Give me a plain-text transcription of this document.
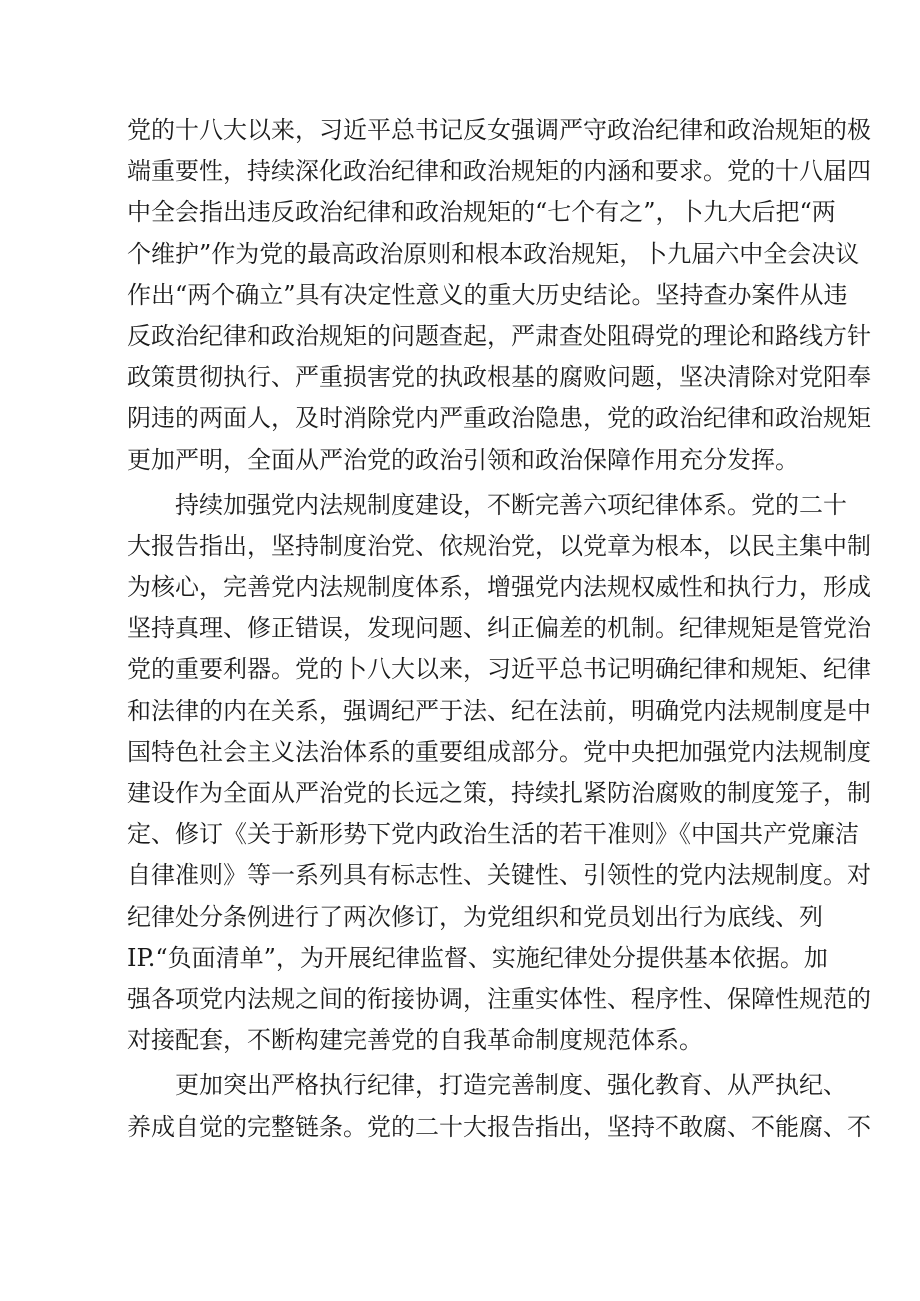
党的十八大以来，习近平总书记反女强调严守政治纪律和政治规矩的极
端重要性，持续深化政治纪律和政治规矩的内涵和要求。党的十八届四
中全会指出违反政治纪律和政治规矩的“七个有之”，卜九大后把“两
个维护”作为党的最高政治原则和根本政治规矩，卜九届六中全会决议
作出“两个确立”具有决定性意义的重大历史结论。坚持查办案件从违
反政治纪律和政治规矩的问题查起，严肃查处阻碍党的理论和路线方针
政策贯彻执行、严重损害党的执政根基的腐败问题，坚决清除对党阳奉
阴违的两面人，及时消除党内严重政治隐患，党的政治纪律和政治规矩
更加严明，全面从严治党的政治引领和政治保障作用充分发挥。
持续加强党内法规制度建设，不断完善六项纪律体系。党的二十
大报告指出，坚持制度治党、依规治党，以党章为根本，以民主集中制
为核心，完善党内法规制度体系，增强党内法规权威性和执行力，形成
坚持真理、修正错误，发现问题、纠正偏差的机制。纪律规矩是管党治
党的重要利器。党的卜八大以来，习近平总书记明确纪律和规矩、纪律
和法律的内在关系，强调纪严于法、纪在法前，明确党内法规制度是中
国特色社会主义法治体系的重要组成部分。党中央把加强党内法规制度
建设作为全面从严治党的长远之策，持续扎紧防治腐败的制度笼子，制
定、修订《关于新形势下党内政治生活的若干准则》《中国共产党廉洁
自律准则》等一系列具有标志性、关键性、引领性的党内法规制度。对
纪律处分条例进行了两次修订，为党组织和党员划出行为底线、列
IP.“负面清单”，为开展纪律监督、实施纪律处分提供基本依据。加
强各项党内法规之间的衔接协调，注重实体性、程序性、保障性规范的
对接配套，不断构建完善党的自我革命制度规范体系。
更加突出严格执行纪律，打造完善制度、强化教育、从严执纪、
养成自觉的完整链条。党的二十大报告指出，坚持不敢腐、不能腐、不
